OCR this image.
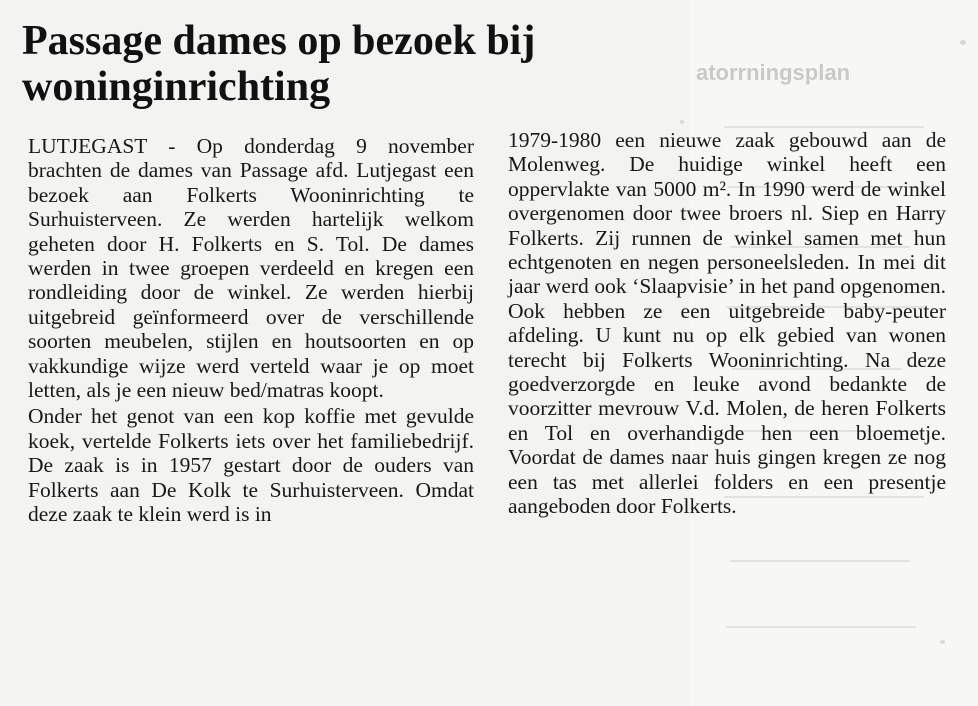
atorrningsplan
Passage dames op bezoek bij woninginrichting

LUTJEGAST - Op donderdag 9 november brachten de dames van Passage afd. Lutjegast een bezoek aan Folkerts Wooninrichting te Surhuisterveen. Ze werden hartelijk welkom geheten door H. Folkerts en S. Tol. De dames werden in twee groepen verdeeld en kregen een rondleiding door de winkel. Ze werden hierbij uitgebreid geïnformeerd over de verschillende soorten meubelen, stijlen en houtsoorten en op vakkundige wijze werd verteld waar je op moet letten, als je een nieuw bed/matras koopt.

Onder het genot van een kop koffie met gevulde koek, vertelde Folkerts iets over het familiebedrijf. De zaak is in 1957 gestart door de ouders van Folkerts aan De Kolk te Surhuisterveen. Omdat deze zaak te klein werd is in

1979-1980 een nieuwe zaak gebouwd aan de Molenweg. De huidige winkel heeft een oppervlakte van 5000 m². In 1990 werd de winkel overgenomen door twee broers nl. Siep en Harry Folkerts. Zij runnen de winkel samen met hun echtgenoten en negen personeelsleden. In mei dit jaar werd ook ‘Slaapvisie’ in het pand opgenomen. Ook hebben ze een uitgebreide baby-peuter afdeling. U kunt nu op elk gebied van wonen terecht bij Folkerts Wooninrichting. Na deze goedverzorgde en leuke avond bedankte de voorzitter mevrouw V.d. Molen, de heren Folkerts en Tol en overhandigde hen een bloemetje. Voordat de dames naar huis gingen kregen ze nog een tas met allerlei folders en een presentje aangeboden door Folkerts.
